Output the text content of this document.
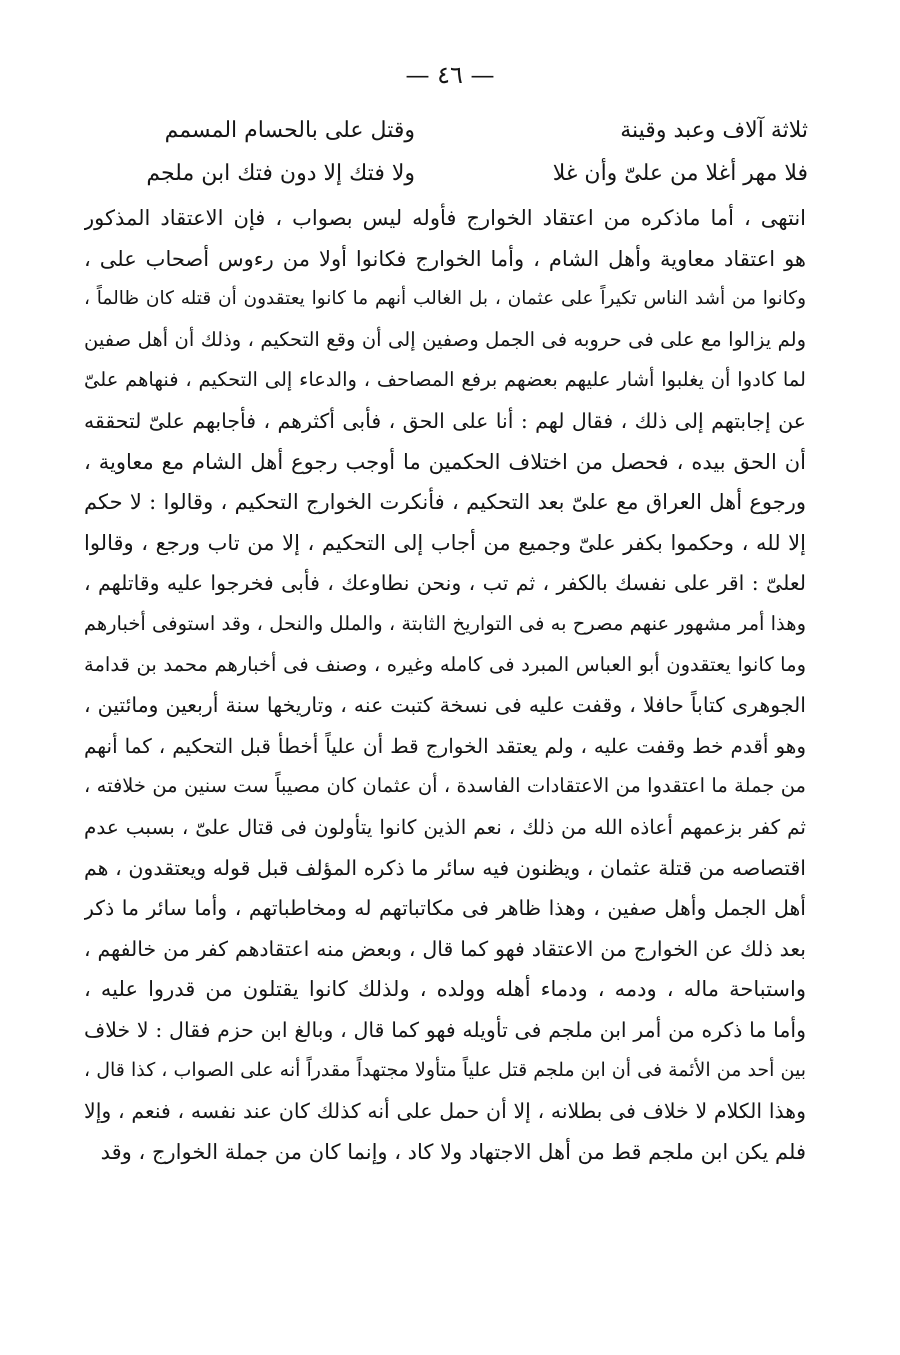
— ٤٦ —
ثلاثة آلاف وعبد وقينة
وقتل على بالحسام المسمم
فلا مهر أغلا من علىّ وأن غلا
ولا فتك إلا دون فتك ابن ملجم
انتهى ، أما ماذكره من اعتقاد الخوارج فأوله ليس بصواب ، فإن الاعتقاد المذكور
هو اعتقاد معاوية وأهل الشام ، وأما الخوارج فكانوا أولا من رءوس أصحاب على ،
وكانوا من أشد الناس تكيراً على عثمان ، بل الغالب أنهم ما كانوا يعتقدون أن قتله كان ظالماً ،
ولم يزالوا مع على فى حروبه فى الجمل وصفين إلى أن وقع التحكيم ، وذلك أن أهل صفين
لما كادوا أن يغلبوا أشار عليهم بعضهم برفع المصاحف ، والدعاء إلى التحكيم ، فنهاهم علىّ
عن إجابتهم إلى ذلك ، فقال لهم : أنا على الحق ، فأبى أكثرهم ، فأجابهم علىّ لتحققه
أن الحق بيده ، فحصل من اختلاف الحكمين ما أوجب رجوع أهل الشام مع معاوية ،
ورجوع أهل العراق مع علىّ بعد التحكيم ، فأنكرت الخوارج التحكيم ، وقالوا : لا حكم
إلا لله ، وحكموا بكفر علىّ وجميع من أجاب إلى التحكيم ، إلا من تاب ورجع ، وقالوا
لعلىّ : اقر على نفسك بالكفر ، ثم تب ، ونحن نطاوعك ، فأبى فخرجوا عليه وقاتلهم ،
وهذا أمر مشهور عنهم مصرح به فى التواريخ الثابتة ، والملل والنحل ، وقد استوفى أخبارهم
وما كانوا يعتقدون أبو العباس المبرد فى كامله وغيره ، وصنف فى أخبارهم محمد بن قدامة
الجوهرى كتاباً حافلا ، وقفت عليه فى نسخة كتبت عنه ، وتاريخها سنة أربعين ومائتين ،
وهو أقدم خط وقفت عليه ، ولم يعتقد الخوارج قط أن علياً أخطأ قبل التحكيم ، كما أنهم
من جملة ما اعتقدوا من الاعتقادات الفاسدة ، أن عثمان كان مصيباً ست سنين من خلافته ،
ثم كفر بزعمهم أعاذه الله من ذلك ، نعم الذين كانوا يتأولون فى قتال علىّ ، بسبب عدم
اقتصاصه من قتلة عثمان ، ويظنون فيه سائر ما ذكره المؤلف قبل قوله ويعتقدون ، هم
أهل الجمل وأهل صفين ، وهذا ظاهر فى مكاتباتهم له ومخاطباتهم ، وأما سائر ما ذكر
بعد ذلك عن الخوارج من الاعتقاد فهو كما قال ، وبعض منه اعتقادهم كفر من خالفهم ،
واستباحة ماله ، ودمه ، ودماء أهله وولده ، ولذلك كانوا يقتلون من قدروا عليه ،
وأما ما ذكره من أمر ابن ملجم فى تأويله فهو كما قال ، وبالغ ابن حزم فقال : لا خلاف
بين أحد من الأئمة فى أن ابن ملجم قتل علياً متأولا مجتهداً مقدراً أنه على الصواب ، كذا قال ،
وهذا الكلام لا خلاف فى بطلانه ، إلا أن حمل على أنه كذلك كان عند نفسه ، فنعم ، وإلا
فلم يكن ابن ملجم قط من أهل الاجتهاد ولا كاد ، وإنما كان من جملة الخوارج ، وقد
